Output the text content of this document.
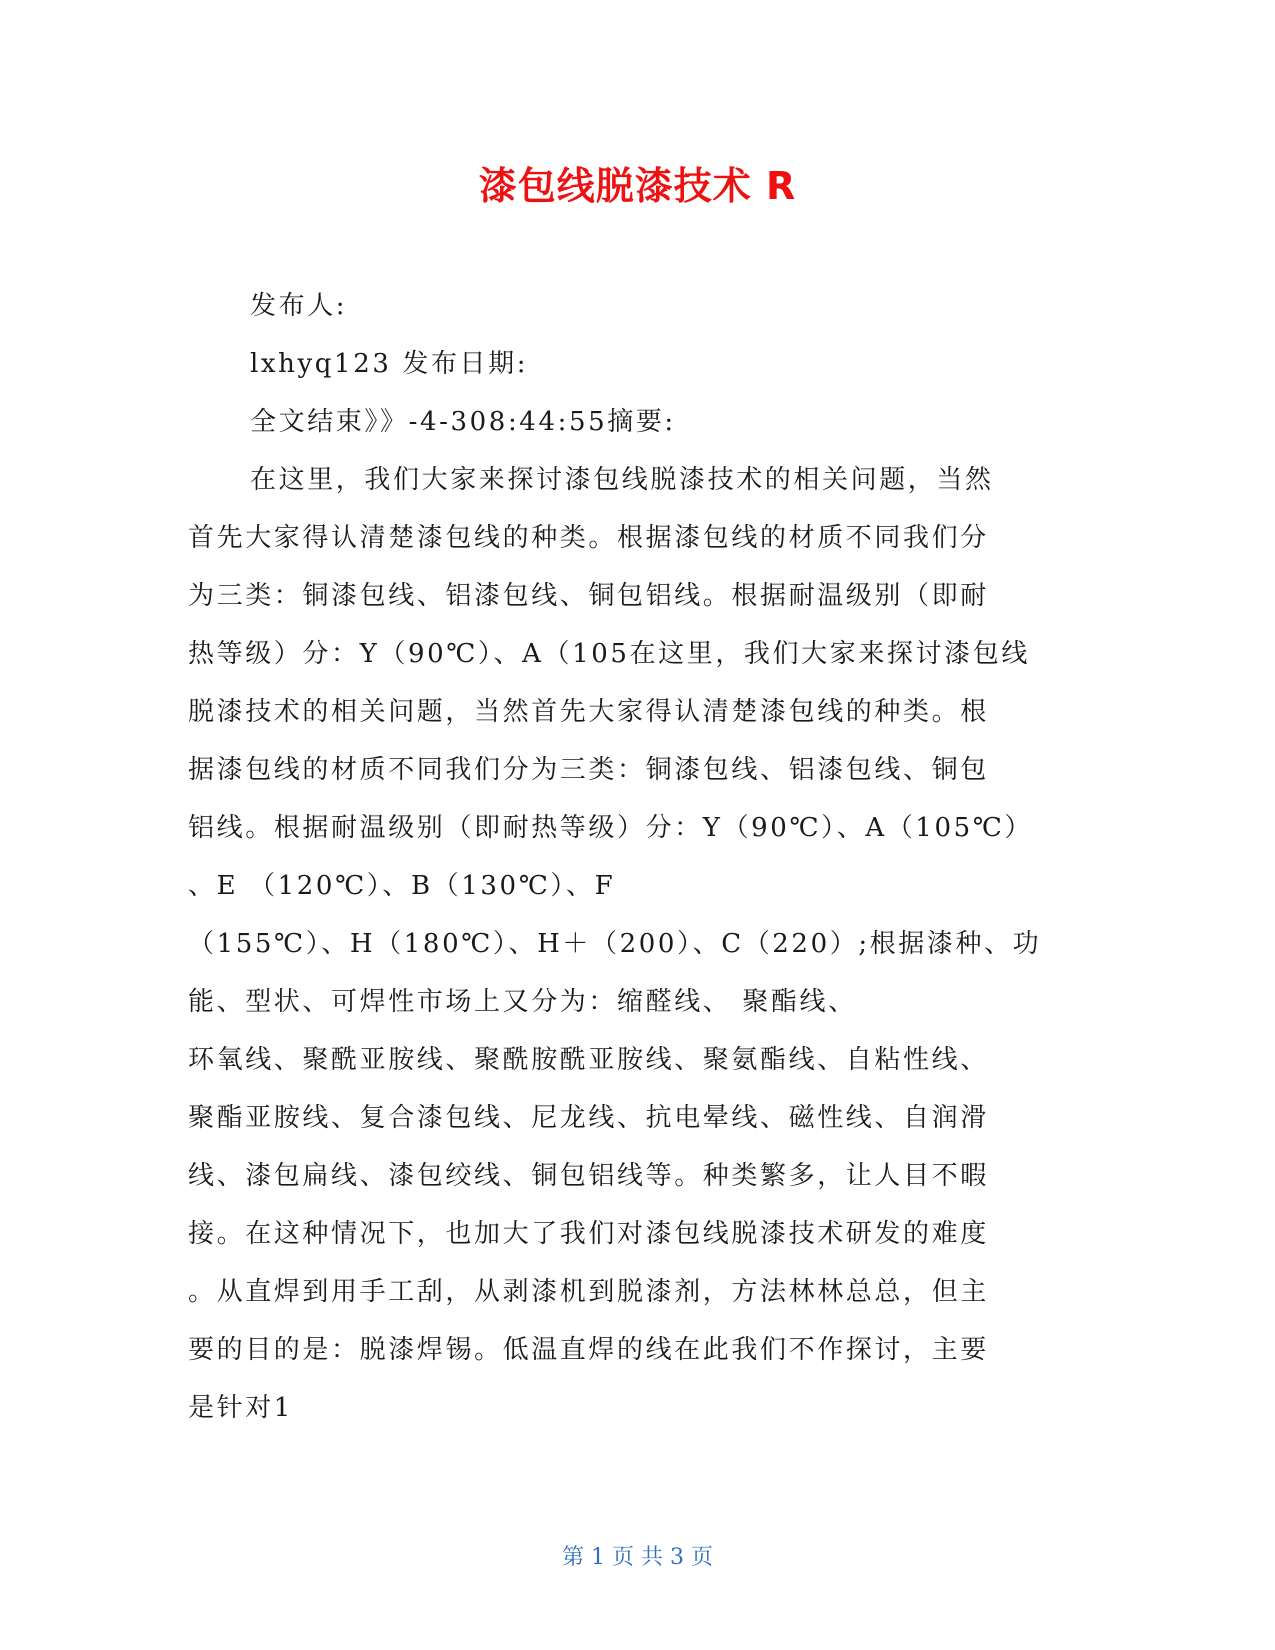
漆包线脱漆技术 R
发布人:
lxhyq123 发布日期:
全文结束》》-4-308:44:55摘要:
在这里，我们大家来探讨漆包线脱漆技术的相关问题，当然
首先大家得认清楚漆包线的种类。根据漆包线的材质不同我们分
为三类：铜漆包线、铝漆包线、铜包铝线。根据耐温级别（即耐
热等级）分：Y（90℃）、A（105在这里，我们大家来探讨漆包线
脱漆技术的相关问题，当然首先大家得认清楚漆包线的种类。根
据漆包线的材质不同我们分为三类：铜漆包线、铝漆包线、铜包
铝线。根据耐温级别（即耐热等级）分：Y（90℃）、A（105℃）
、E （120℃）、B（130℃）、F
（155℃）、H（180℃）、H＋（200）、C（220）;根据漆种、功
能、型状、可焊性市场上又分为：缩醛线、 聚酯线、
环氧线、聚酰亚胺线、聚酰胺酰亚胺线、聚氨酯线、自粘性线、
聚酯亚胺线、复合漆包线、尼龙线、抗电晕线、磁性线、自润滑
线、漆包扁线、漆包绞线、铜包铝线等。种类繁多，让人目不暇
接。在这种情况下，也加大了我们对漆包线脱漆技术研发的难度
。从直焊到用手工刮，从剥漆机到脱漆剂，方法林林总总，但主
要的目的是：脱漆焊锡。低温直焊的线在此我们不作探讨，主要
是针对1
第 1 页 共 3 页
